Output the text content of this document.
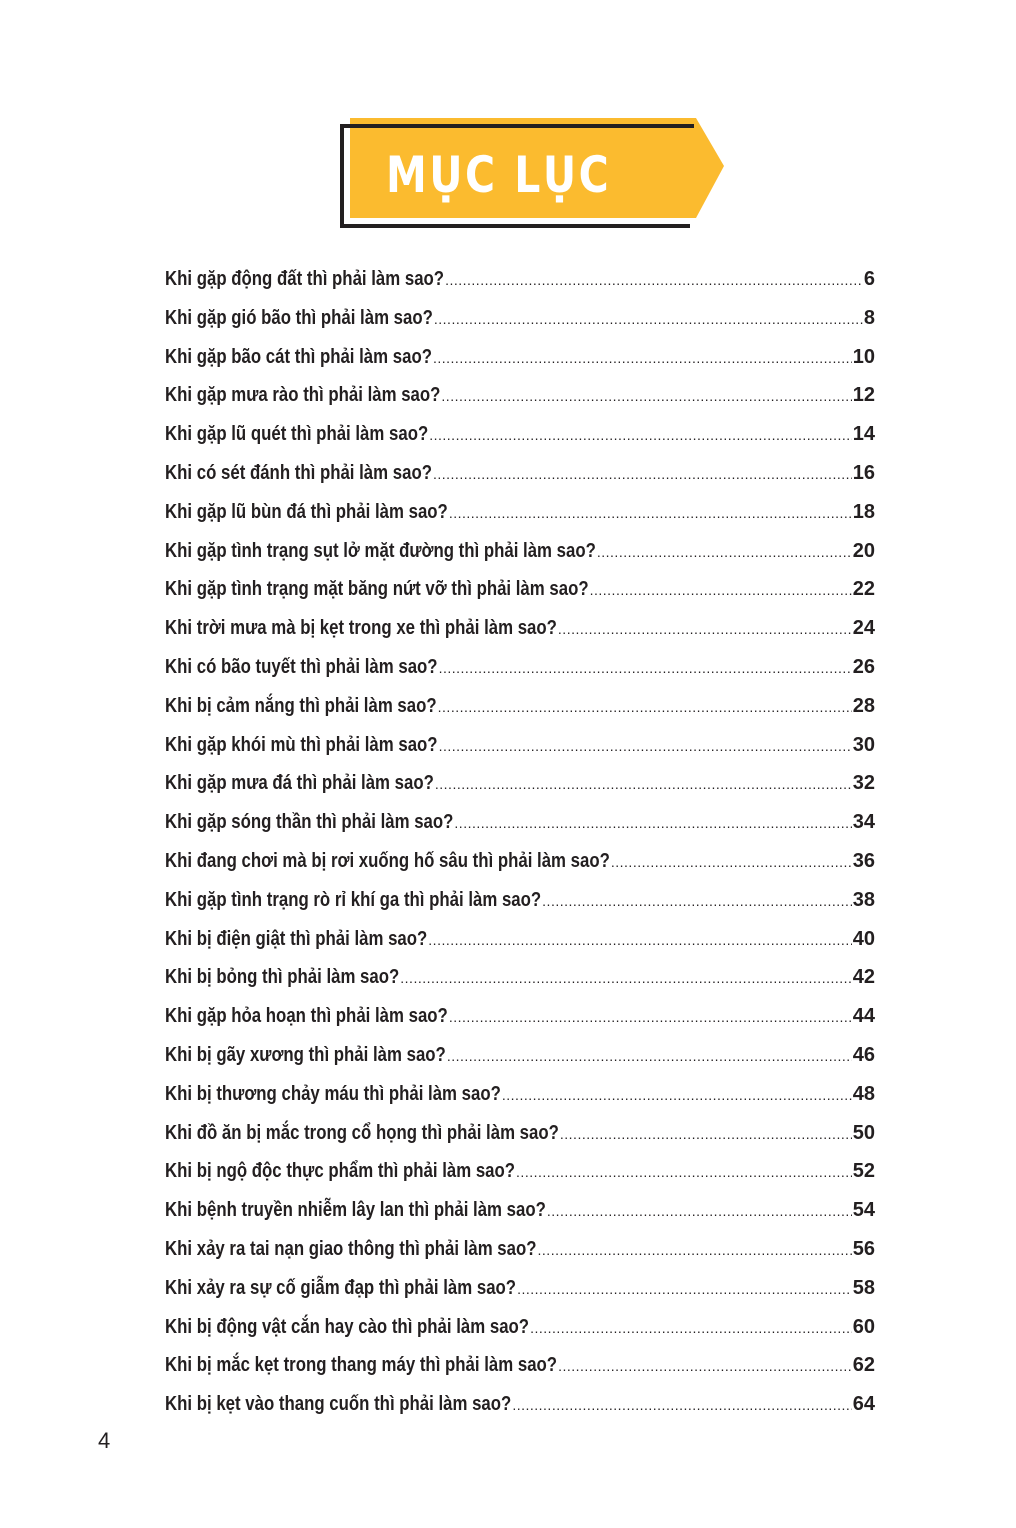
MỤC LỤC
Khi gặp động đất thì phải làm sao? .....	6
Khi gặp gió bão thì phải làm sao? .....	8
Khi gặp bão cát thì phải làm sao? .....	10
Khi gặp mưa rào thì phải làm sao? .....	12
Khi gặp lũ quét thì phải làm sao? .....	14
Khi có sét đánh thì phải làm sao? .....	16
Khi gặp lũ bùn đá thì phải làm sao? .....	18
Khi gặp tình trạng sụt lở mặt đường thì phải làm sao? .....	20
Khi gặp tình trạng mặt băng nứt vỡ thì phải làm sao? .....	22
Khi trời mưa mà bị kẹt trong xe thì phải làm sao? .....	24
Khi có bão tuyết thì phải làm sao? .....	26
Khi bị cảm nắng thì phải làm sao? .....	28
Khi gặp khói mù thì phải làm sao? .....	30
Khi gặp mưa đá thì phải làm sao? .....	32
Khi gặp sóng thần thì phải làm sao? .....	34
Khi đang chơi mà bị rơi xuống hố sâu thì phải làm sao? .....	36
Khi gặp tình trạng rò rỉ khí ga thì phải làm sao? .....	38
Khi bị điện giật thì phải làm sao? .....	40
Khi bị bỏng thì phải làm sao? .....	42
Khi gặp hỏa hoạn thì phải làm sao? .....	44
Khi bị gãy xương thì phải làm sao? .....	46
Khi bị thương chảy máu thì phải làm sao? .....	48
Khi đồ ăn bị mắc trong cổ họng thì phải làm sao? .....	50
Khi bị ngộ độc thực phẩm thì phải làm sao? .....	52
Khi bệnh truyền nhiễm lây lan thì phải làm sao? .....	54
Khi xảy ra tai nạn giao thông thì phải làm sao? .....	56
Khi xảy ra sự cố giẫm đạp thì phải làm sao? .....	58
Khi bị động vật cắn hay cào thì phải làm sao? .....	60
Khi bị mắc kẹt trong thang máy thì phải làm sao? .....	62
Khi bị kẹt vào thang cuốn thì phải làm sao? .....	64
4
